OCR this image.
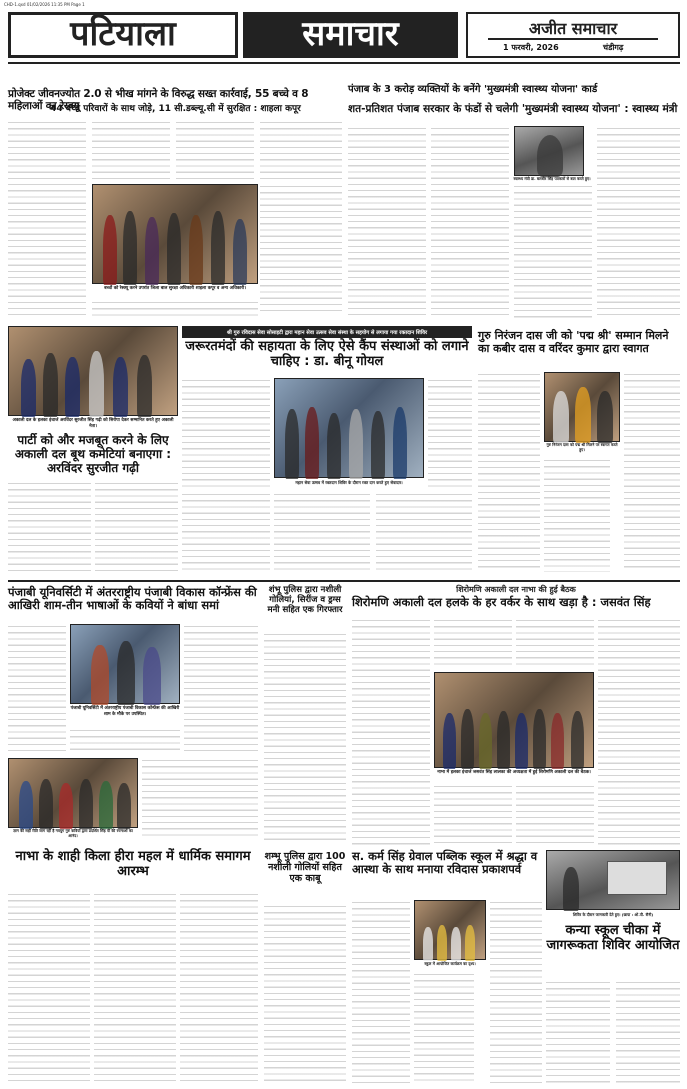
CHD-1.qxd 01/02/2026 11:35 PM Page 1
पटियाला	समाचार	अजीत समाचार
1 फरवरी, 2026	चंडीगढ़
प्रोजेक्ट जीवनज्योत 2.0 से भीख मांगने के विरुद्ध सख्त कार्रवाई, 55 बच्चे व 8 महिलाओं का रेस्क्यू
44 बच्चे परिवारों के साथ जोड़े, 11 सी.डब्ल्यू.सी में सुरक्षित : शाहला कपूर
बच्चों को रेस्क्यू करने उपरांत जिला बाल सुरक्षा अधिकारी शाहला कपूर व अन्य अधिकारी।
पंजाब के 3 करोड़ व्यक्तियों के बनेंगे 'मुख्यमंत्री स्वास्थ्य योजना' कार्ड
शत-प्रतिशत पंजाब सरकार के फंडों से चलेगी 'मुख्यमंत्री स्वास्थ्य योजना' : स्वास्थ्य मंत्री
स्वास्थ्य मंत्री डा. बलबीर सिंह पत्रकारों से बात करते हुए।
अकाली दल के हलका इंचार्ज अरविंदर सुरजीत सिंह गढ़ी को सिरोपा देकर सम्मानित करते हुए अकाली नेता।
पार्टी को और मजबूत करने के लिए अकाली दल बूथ कमेटियां बनाएगा : अरविंदर सुरजीत गढ़ी
श्री गुरु रविदास सेवा सोसाइटी द्वारा महान सेवा उत्सव सेवा संस्था के सहयोग से लगाया गया रक्तदान शिविर
जरूरतमंदों की सहायता के लिए ऐसे कैंप संस्थाओं को लगाने चाहिए : डा. बीनू गोयल
महान सेवा उत्सव में रक्तदान शिविर के दौरान रक्त दान करते हुए सेवादार।
गुरु निरंजन दास जी को 'पद्म श्री' सम्मान मिलने का कबीर दास व वरिंदर कुमार द्वारा स्वागत
गुरु निरंजन दास को पद्म श्री मिलने पर स्वागत करते हुए।
पंजाबी यूनिवर्सिटी में अंतरराष्ट्रीय पंजाबी विकास कॉन्फ्रेंस की आखिरी शाम-तीन भाषाओं के कवियों ने बांधा समां
पंजाबी यूनिवर्सिटी में अंतरराष्ट्रीय पंजाबी विकास कॉन्फ्रेंस की आखिरी शाम के मौके पर उपस्थित।
ज्ञान की सही रीति जाग रही है नवयुग गुरु कवियों द्वारा प्रदर्शित सिंह पी की रचनाओं का आनंद।
शंभू पुलिस द्वारा नशीली गोलियां, सिरींज व ड्रग्स मनी सहित एक गिरफ्तार
शिरोमणि अकाली दल नाभा की हुई बैठक
शिरोमणि अकाली दल हलके के हर वर्कर के साथ खड़ा है : जसवंत सिंह
नाभा में हलका इंचार्ज जसवंत सिंह लालका की अध्यक्षता में हुई शिरोमणि अकाली दल की बैठक।
नाभा के शाही किला हीरा महल में धार्मिक समागम आरम्भ
शम्भू पुलिस द्वारा 100 नशीली गोलियों सहित एक काबू
स. कर्म सिंह ग्रेवाल पब्लिक स्कूल में श्रद्धा व आस्था के साथ मनाया रविदास प्रकाशपर्व
स्कूल में आयोजित कार्यक्रम का दृश्य।
शिविर के दौरान जानकारी देते हुए। (छाया : ओ.पी. सैनी)
कन्या स्कूल चीका में जागरूकता शिविर आयोजित
